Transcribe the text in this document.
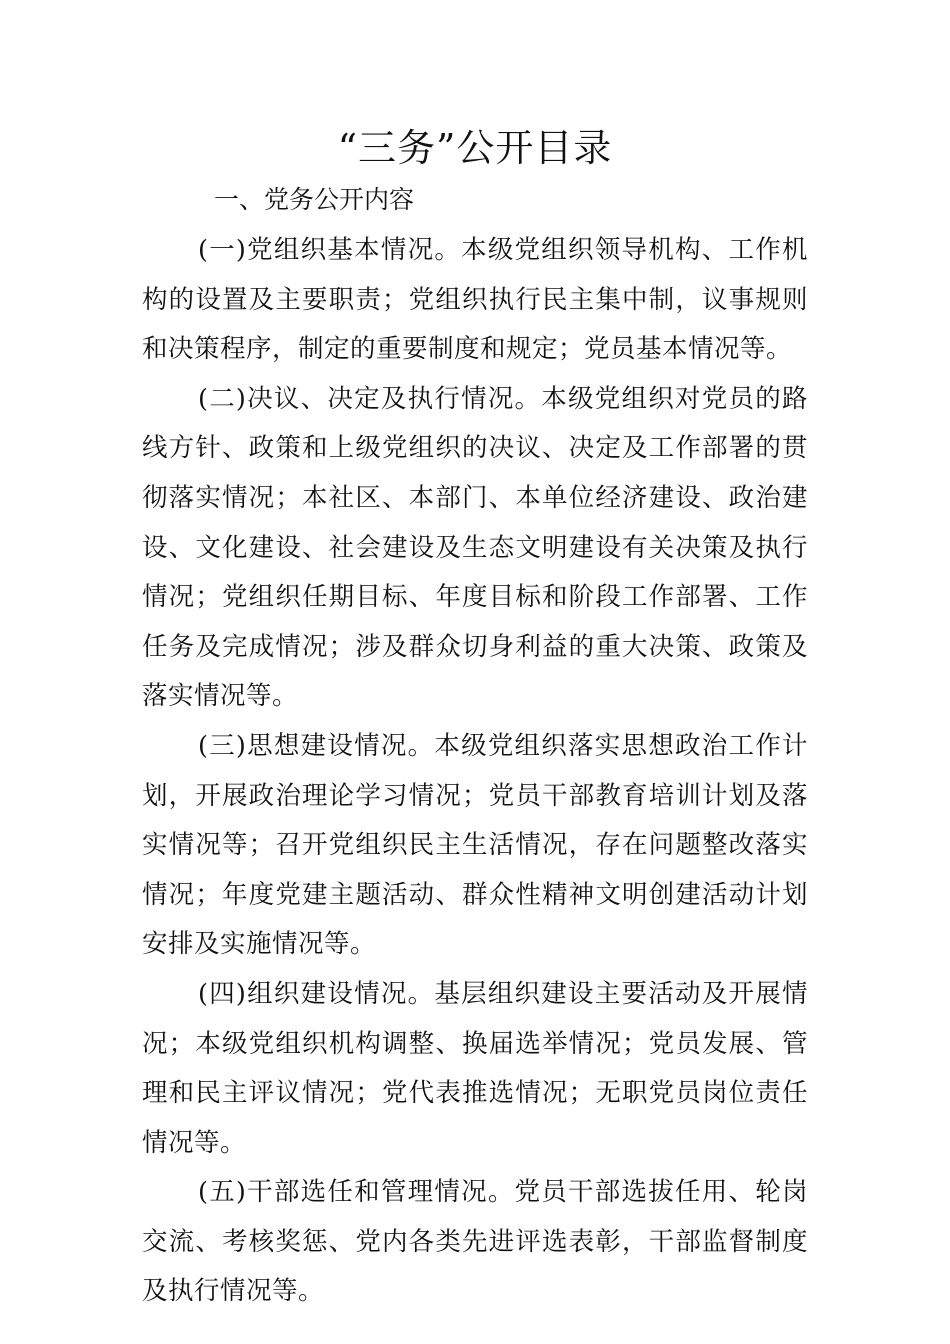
“三务”公开目录
一、党务公开内容

(一)党组织基本情况。本级党组织领导机构、工作机构的设置及主要职责；党组织执行民主集中制，议事规则和决策程序，制定的重要制度和规定；党员基本情况等。

(二)决议、决定及执行情况。本级党组织对党员的路线方针、政策和上级党组织的决议、决定及工作部署的贯彻落实情况；本社区、本部门、本单位经济建设、政治建设、文化建设、社会建设及生态文明建设有关决策及执行情况；党组织任期目标、年度目标和阶段工作部署、工作任务及完成情况；涉及群众切身利益的重大决策、政策及落实情况等。

(三)思想建设情况。本级党组织落实思想政治工作计划，开展政治理论学习情况；党员干部教育培训计划及落实情况等；召开党组织民主生活情况，存在问题整改落实情况；年度党建主题活动、群众性精神文明创建活动计划安排及实施情况等。

(四)组织建设情况。基层组织建设主要活动及开展情况；本级党组织机构调整、换届选举情况；党员发展、管理和民主评议情况；党代表推选情况；无职党员岗位责任情况等。

(五)干部选任和管理情况。党员干部选拔任用、轮岗交流、考核奖惩、党内各类先进评选表彰，干部监督制度及执行情况等。
